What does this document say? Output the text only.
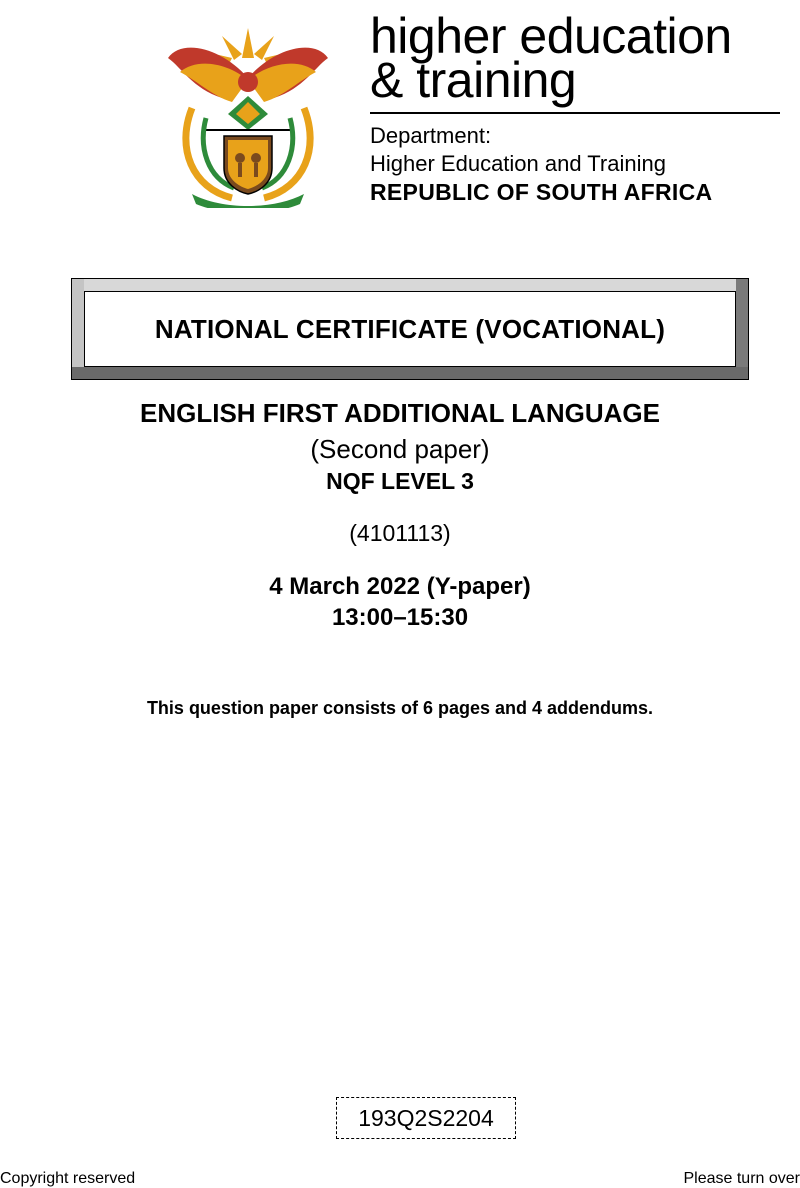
higher education
& training
Department:
Higher Education and Training
REPUBLIC OF SOUTH AFRICA
NATIONAL CERTIFICATE (VOCATIONAL)
ENGLISH FIRST ADDITIONAL LANGUAGE
(Second paper)
NQF LEVEL 3
(4101113)
4 March 2022 (Y-paper)
13:00–15:30
This question paper consists of 6 pages and 4 addendums.
193Q2S2204
Copyright reserved	Please turn over
